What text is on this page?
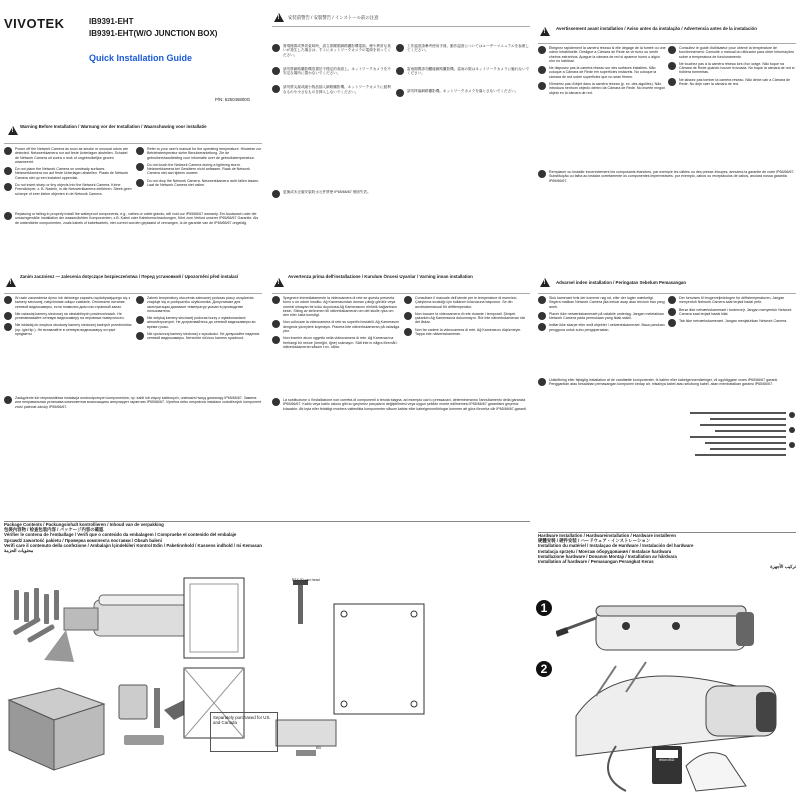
VIVOTEK	IB9391-EHT
IB9391-EHT(W/O JUNCTION BOX)
Quick Installation Guide
P/N: 625046800G
!
Warning Before Installation / Warnung vor der Installation / Waarschuwing voor installatie
Power off the Network Camera as soon as smoke or unusual odors are detected. Netzwerkkamera nur auf feste Unterlagen abstellen. Schakel de Network Camera uit zodra u rook of ongebruikelijke geuren waarneemt.
Do not place the Network Camera on unsteady surfaces. Netzwerkkamera nur auf feste Unterlagen abstellen. Plaats de Network Camera niet op een instabiel oppervlak.
Do not insert sharp or tiny objects into the Network Camera. Keine Fremdkörper, z. B. Nadeln, in die Netzwerkkamera einführen. Steek geen scherpe of zeer kleine objecten in de Network Camera.
Refer to your user's manual for the operating temperature. Hinweise zur Betriebstemperatur siehe Benutzeranleitung. Zie de gebruikershandleiding voor informatie over de gebruikstemperatuur.
Do not touch the Network Camera during a lightning storm. Netzwerkkamera bei Gewittern nicht anfassen. Raak de Network Camera niet aan tijdens onweer.
Do not drop the Network Camera. Netzwerkkamera nicht fallen lassen. Laat de Network Camera niet vallen.
Replacing or failing to properly install the waterproof components, e.g., cables or cable glands, will void our IP65/66/67 warranty. Ein Austausch oder die unsachgemäße Installation der wasserdichten Komponenten, z.B. Kabel oder Kabelverschraubungen, führt zum Verlust unserer IP65/66/67 Garantie. Als de waterdichte componenten, zoals kabels of kabelwartels, niet correct worden geplaatst of vervangen, is de garantie van de IP65/66/67 ongeldig.
!
安装前警告 / 安裝警告 / インストール前の注意
發現煙霧或異常氣味時，請立即關閉網路攝影機電源。煙や異常な臭いが発生した場合は、すぐにネットワークカメラの電源を切ってください。
請勿將網路攝影機放置於不穩定的表面上。ネットワークカメラを不安定な場所に置かないでください。
請勿將尖銳或細小物品插入網路攝影機。ネットワークカメラに鋭利なものや小さなものを挿入しないでください。
工作溫度請參考使用手冊。動作温度についてはユーザーマニュアルを参照してください。
雷雨期間請勿觸碰網路攝影機。雷雨の際はネットワークカメラに触れないでください。
請勿摔落網路攝影機。ネットワークカメラを落とさないでください。
更換或未正確安裝防水元件將使 IP65/66/67 保固失效。
!
Avertissement avant installation / Aviso antes da instalação / Advertencia antes de la instalación
Éteignez rapidement la caméra réseau si elle dégage de la fumée ou une odeur inhabituelle. Desligue a Câmara de Rede se vir fumo ou sentir cheiros estranhos. Apague la cámara de red si aparece humo u algún olor no habitual.
Ne disposez pas la caméra réseau sur des surfaces instables. Não coloque a Câmara de Rede em superfícies instáveis. No coloque la cámara de red sobre superficies que no sean firmes.
N'insérez pas d'objet dans la caméra réseau (p. ex. des aiguilles). Não introduza nenhum objecto dentro da Câmara de Rede. No inserte ningún objeto en la cámara de red.
Consultez le guide d'utilisateur pour obtenir la température de fonctionnement. Consulte o manual do utilizador para obter informações sobre a temperatura de funcionamento.
Ne touchez pas à la caméra réseau lors d'un orage. Não toque na Câmara de Rede quando houver trovoada. No toque la cámara de red si hubiera tormentas.
Ne laissez pas tomber la caméra réseau. Não deixe cair a Câmara de Rede. No deje caer la cámara de red.
Remplacer ou installer incorrectement les composants étanches, par exemple les câbles ou des presse-étoupes, annulera la garantie de votre IP65/66/67. Substituição ou falha ao instalar corretamente os componentes impermeáveis, por exemplo, cabos ou receptáculos de cabos, anulará nossa garantia IP65/66/67.
!
Zanim zaczniesz — zalecenia dotyczące bezpieczeństwa / Перед установкой / Upozornění před instalací
W razie zauważenia dymu lub dziwnego zapachu wydobywającego się z kamery sieciowej, natychmiast odłącz zasilanie. Отключите питание сетевой видеокамеры, если появился дым или странный запах.
Nie ustawiaj kamery sieciowej na niestabilnych powierzchniach. Не устанавливайте сетевую видеокамеру на неровные поверхности.
Nie wkładaj do wnętrza obudowy kamery sieciowej żadnych przedmiotów (np. igieł itp.). Не вставляйте в сетевую видеокамеру острые предметы.
Zakres temperatury otoczenia zalecanej podczas pracy urządzenia znajduje się w podręczniku użytkownika. Допустимые для эксплуатации диапазон температур указан в руководстве пользователя.
Nie dotykaj kamery sieciowej podczas burzy z wyładowaniami atmosferycznymi. Не дотрагивайтесь до сетевой видеокамеры во время грозы.
Nie upuszczaj kamery sieciowej z wysokości. Не допускайте падения сетевой видеокамеры. Nenechte síťovou kameru spadnout.
Zastąpienie lub nieprawidłowa instalacja wodoodpornych komponentów, np. kabli lub złączy kablowych, unieważni twoją gwarancję IP65/66/67. Замена или неправильная установка компонентов влагозащиты аннулирует гарантию IP65/66/67. Výměna nebo nesprávná instalace vodotěsných komponent zruší platnost záruky IP65/66/67.
!
Avvertenza prima dell'installazione / Kurulum Öncesi Uyarılar / Varning innan installation
Spegnere immediatamente la videocamera di rete se questa presenta fumo o un odore insolito. Ağ Kamerasından duman çıktığı görülür veya normal olmayan bir koku duyulursa Ağ Kamerasının elektrik bağlantısını kesin. Stäng av strömmen till nätverkskameran om det skulle ryka om den eller lukta konstigt.
Non collocare la videocamera di rete su superfici instabili. Ağ Kamerasını dengesiz yüzeylere koymayın. Placera inte nätverkskameran på ostadiga ytor.
Non inserire alcun oggetto nella videocamera di rete. Ağ Kamerası'na herhangi bir nesne (örneğin, iğne) sokmayın. Sätt inte in några föremål i nätverkskameran såsom t.ex. nålar.
Consultare il manuale dell'utente per le temperature di esercizio. Çalıştırma sıcaklığı için kullanım kılavuzuna başvurun. Se din användarmanual för drifttemperatur.
Non toccare la videocamera di rete durante i temporali. Şimşek çakarken Ağ Kamerasına dokunmayın. Rör inte nätverkskameran när det åskar.
Non far cadere la videocamera di rete. Ağ Kamerasını düşürmeyin. Tappa inte nätverkskameran.
La sostituzione o l'installazione non corretta di componenti a tenuta stagna, ad esempio cavi o pressacavi, determineranno l'annullamento della garanzia IP65/66/67. Kablo veya kablo rakoru gibi su geçirmez parçaların değiştirilmesi veya uygun şekilde monte edilmemesi IP65/66/67 garantisini geçersiz kılacaktır. Att byta eller felaktigt montera vattentäta komponenter såsom kablar eller kabelgenomföringar kommer att göra förverka vår IP65/66/67-garanti.
!
Advarsel inden installation / Peringatan Sebelum Pemasangan
Sluk kameraet hvis der kommer røg ud, eller der lugter mærkeligt. Segera matikan Network Camera jika keluar asap atau tercium bau yang aneh.
Placér ikke netværkskameraet på ustabile underlag. Jangan meletakkan Network Camera pada permukaan yang tidak stabil.
Indfør ikke skarpe eller små objekter i netværkskameraet. Baca panduan pengguna untuk suhu pengoperasian.
Der henvises til brugervejledningen for driftstemperaturen. Jangan menyentuh Network Camera saat terjadi badai petir.
Berør ikke netværkskameraet i tordenvejr. Jangan menyentuh Network Camera saat terjadi badai kilat.
Tab ikke netværkskameraet. Jangan menjatuhkan Network Camera.
Udskiftning eller fejlagtig installation af de vandtætte komponenter, fx kabler eller kabelgennemføringer, vil ugyldiggøre vores IP65/66/67 garanti. Penggantian atau kesalahan pemasangan komponen kedap air, misalnya kabel atau selubung kabel, akan membatalkan garansi IP65/66/67.
Package Contents / Packungsinhalt kontrollieren / Inhoud van de verpakking
包裝內容物 / 检查包装内容 / パッケージ内容の確認
Vérifier le contenu de l'emballage / Verifi que o conteúdo da embalagem / Compruebe el contenido del embalaje
Sprawdź zawartość pakietu / Проверка комплекта поставки / Obsah balení
Verifi care il contenuto della confezione / Ambalajın İçindekileri Kontrol Edin / Paketinnhold / Kassens indhold / Isi Kemasan
محتويات الحزمة
PT4.30 pan head
Ø4
Separately purchased for US. and Canada
Hardware Installation / Hardwareinstallation / Hardware installeren
硬體安裝 / 硬件安装 / ハードウェア・インストレーション
Installation du matériel / Instalaçao de Hardware / Instalación del hardware
Instalacja sprzętu / Монтаж оборудования / Instalace hardwaru
Installazione hardware / Donanım Montajı / Installation av hårdvara
Installation af hardware / Pemasangan Perangkat Keras
تركيب الأجهزة
1
2
microSD
